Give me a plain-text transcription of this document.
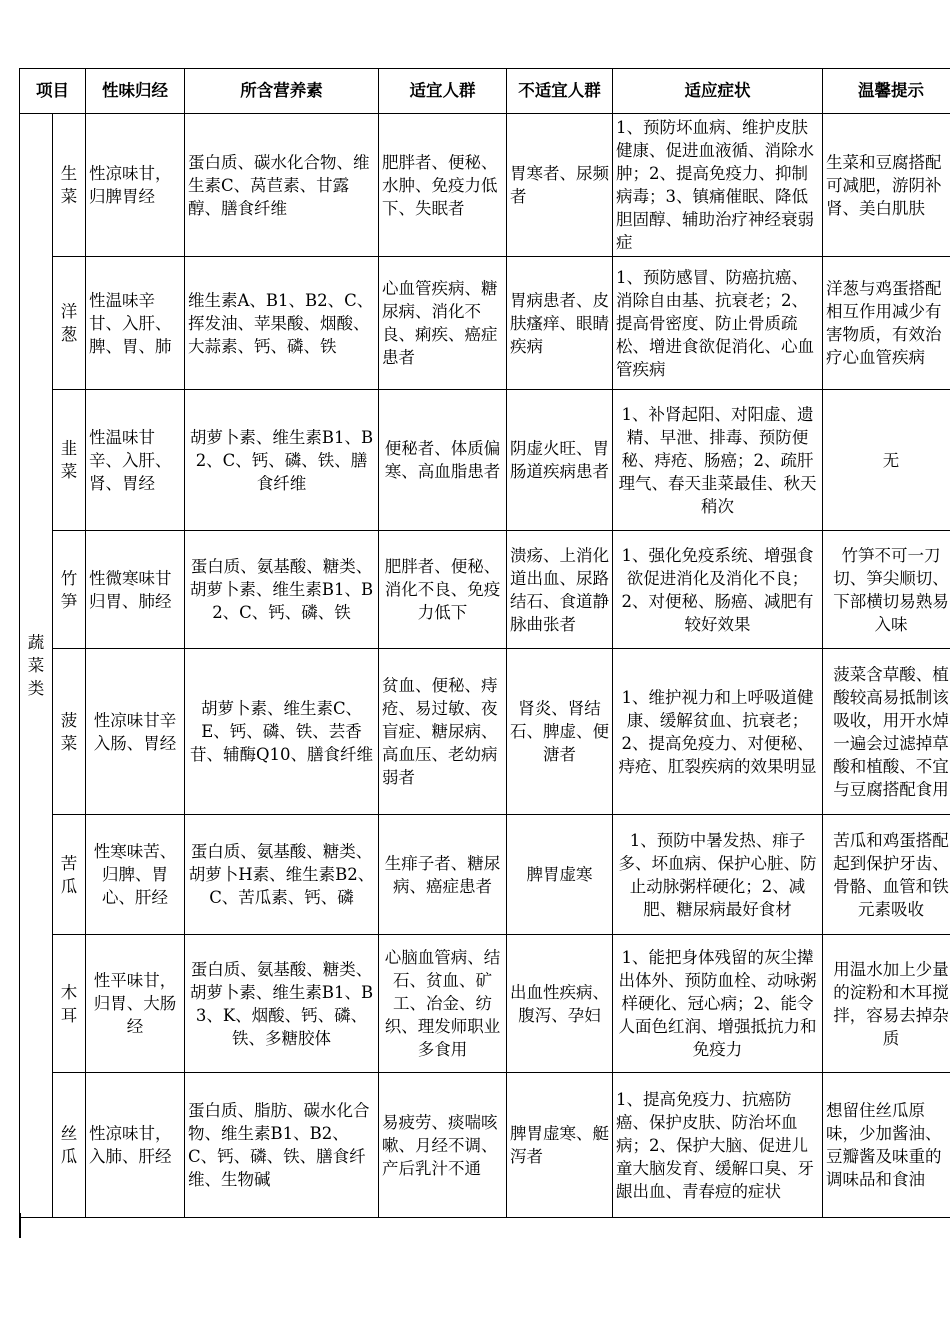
项目		性味归经	所含营养素	适宜人群	不适宜人群	适应症状	温馨提示
蔬菜类	生菜	性凉味甘，归脾胃经	蛋白质、碳水化合物、维生素C、莴苣素、甘露醇、膳食纤维	肥胖者、便秘、水肿、免疫力低下、失眠者	胃寒者、尿频者	1、预防坏血病、维护皮肤健康、促进血液循、消除水肿；2、提高免疫力、抑制病毒；3、镇痛催眠、降低胆固醇、辅助治疗神经衰弱症	生菜和豆腐搭配可减肥，游阴补肾、美白肌肤
	洋葱	性温味辛甘、入肝、脾、胃、肺	维生素A、B1、B2、C、挥发油、苹果酸、烟酸、大蒜素、钙、磷、铁	心血管疾病、糖尿病、消化不良、痢疾、癌症患者	胃病患者、皮肤瘙痒、眼睛疾病	1、预防感冒、防癌抗癌、消除自由基、抗衰老；2、提高骨密度、防止骨质疏松、增进食欲促消化、心血管疾病	洋葱与鸡蛋搭配相互作用减少有害物质，有效治疗心血管疾病
	韭菜	性温味甘辛、入肝、肾、胃经	胡萝卜素、维生素B1、B2、C、钙、磷、铁、膳食纤维	便秘者、体质偏寒、高血脂患者	阴虚火旺、胃肠道疾病患者	1、补肾起阳、对阳虚、遗精、早泄、排毒、预防便秘、痔疮、肠癌；2、疏肝理气、春天韭菜最佳、秋天稍次	无
	竹笋	性微寒味甘归胃、肺经	蛋白质、氨基酸、糖类、胡萝卜素、维生素B1、B2、C、钙、磷、铁	肥胖者、便秘、消化不良、免疫力低下	溃疡、上消化道出血、尿路结石、食道静脉曲张者	1、强化免疫系统、增强食欲促进消化及消化不良；2、对便秘、肠癌、减肥有较好效果	竹笋不可一刀切、笋尖顺切、下部横切易熟易入味
	菠菜	性凉味甘辛入肠、胃经	胡萝卜素、维生素C、E、钙、磷、铁、芸香苷、辅酶Q10、膳食纤维	贫血、便秘、痔疮、易过敏、夜盲症、糖尿病、高血压、老幼病弱者	肾炎、肾结石、脾虚、便溏者	1、维护视力和上呼吸道健康、缓解贫血、抗衰老；2、提高免疫力、对便秘、痔疮、肛裂疾病的效果明显	菠菜含草酸、植酸较高易抵制该吸收，用开水焯一遍会过滤掉草酸和植酸、不宜与豆腐搭配食用
	苦瓜	性寒味苦、归脾、胃心、肝经	蛋白质、氨基酸、糖类、胡萝卜H素、维生素B2、C、苦瓜素、钙、磷	生痱子者、糖尿病、癌症患者	脾胃虚寒	1、预防中暑发热、痱子多、坏血病、保护心脏、防止动脉粥样硬化；2、减肥、糖尿病最好食材	苦瓜和鸡蛋搭配起到保护牙齿、骨骼、血管和铁元素吸收
	木耳	性平味甘，归胃、大肠经	蛋白质、氨基酸、糖类、胡萝卜素、维生素B1、B3、K、烟酸、钙、磷、铁、多糖胶体	心脑血管病、结石、贫血、矿工、冶金、纺织、理发师职业多食用	出血性疾病、腹泻、孕妇	1、能把身体残留的灰尘撵出体外、预防血栓、动咏粥样硬化、冠心病；2、能令人面色红润、增强抵抗力和免疫力	用温水加上少量的淀粉和木耳搅拌，容易去掉杂质
	丝瓜	性凉味甘，入肺、肝经	蛋白质、脂肪、碳水化合物、维生素B1、B2、C、钙、磷、铁、膳食纤维、生物碱	易疲劳、痰喘咳嗽、月经不调、产后乳汁不通	脾胃虚寒、艇泻者	1、提高免疫力、抗癌防癌、保护皮肤、防治坏血病；2、保护大脑、促进儿童大脑发育、缓解口臭、牙龈出血、青春痘的症状	想留住丝瓜原味，少加酱油、豆瓣酱及味重的调味品和食油
